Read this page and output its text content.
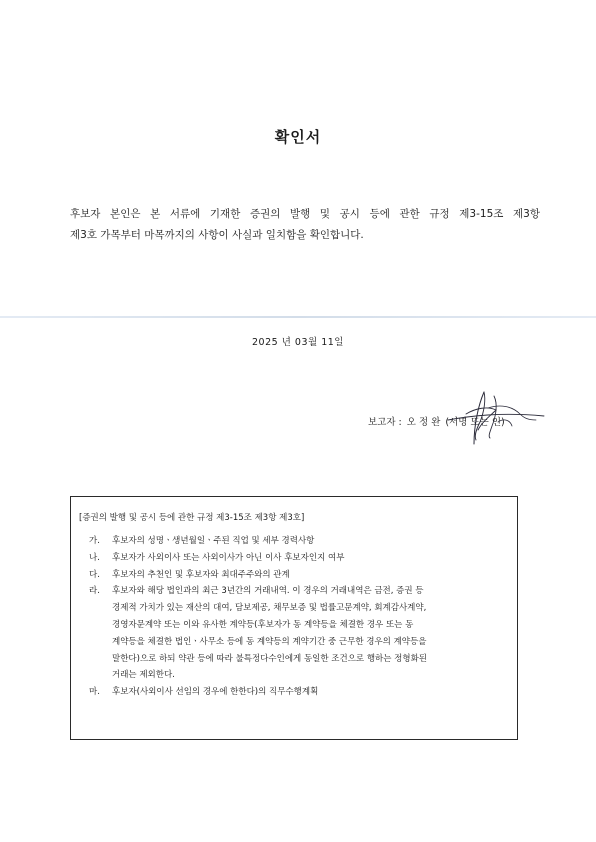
확인서
후보자 본인은 본 서류에 기재한 증권의 발행 및 공시 등에 관한 규정 제3-15조 제3항
제3호 가목부터 마목까지의 사항이 사실과 일치함을 확인합니다.
2025 년 03월 11일
보고자 : 오 정 완 (서명 또는 인)
[증권의 발행 및 공시 등에 관한 규정 제3-15조 제3항 제3호]
가.	후보자의 성명ㆍ생년월일ㆍ주된 직업 및 세부 경력사항
나.	후보자가 사외이사 또는 사외이사가 아닌 이사 후보자인지 여부
다.	후보자의 추천인 및 후보자와 최대주주와의 관계
라.	후보자와 해당 법인과의 최근 3년간의 거래내역. 이 경우의 거래내역은 금전, 증권 등
경제적 가치가 있는 재산의 대여, 담보제공, 채무보증 및 법률고문계약, 회계감사계약,
경영자문계약 또는 이와 유사한 계약등(후보자가 동 계약등을 체결한 경우 또는 동
계약등을 체결한 법인ㆍ사무소 등에 동 계약등의 계약기간 중 근무한 경우의 계약등을
말한다)으로 하되 약관 등에 따라 불특정다수인에게 동일한 조건으로 행하는 정형화된
거래는 제외한다.
마.	후보자(사외이사 선임의 경우에 한한다)의 직무수행계획
